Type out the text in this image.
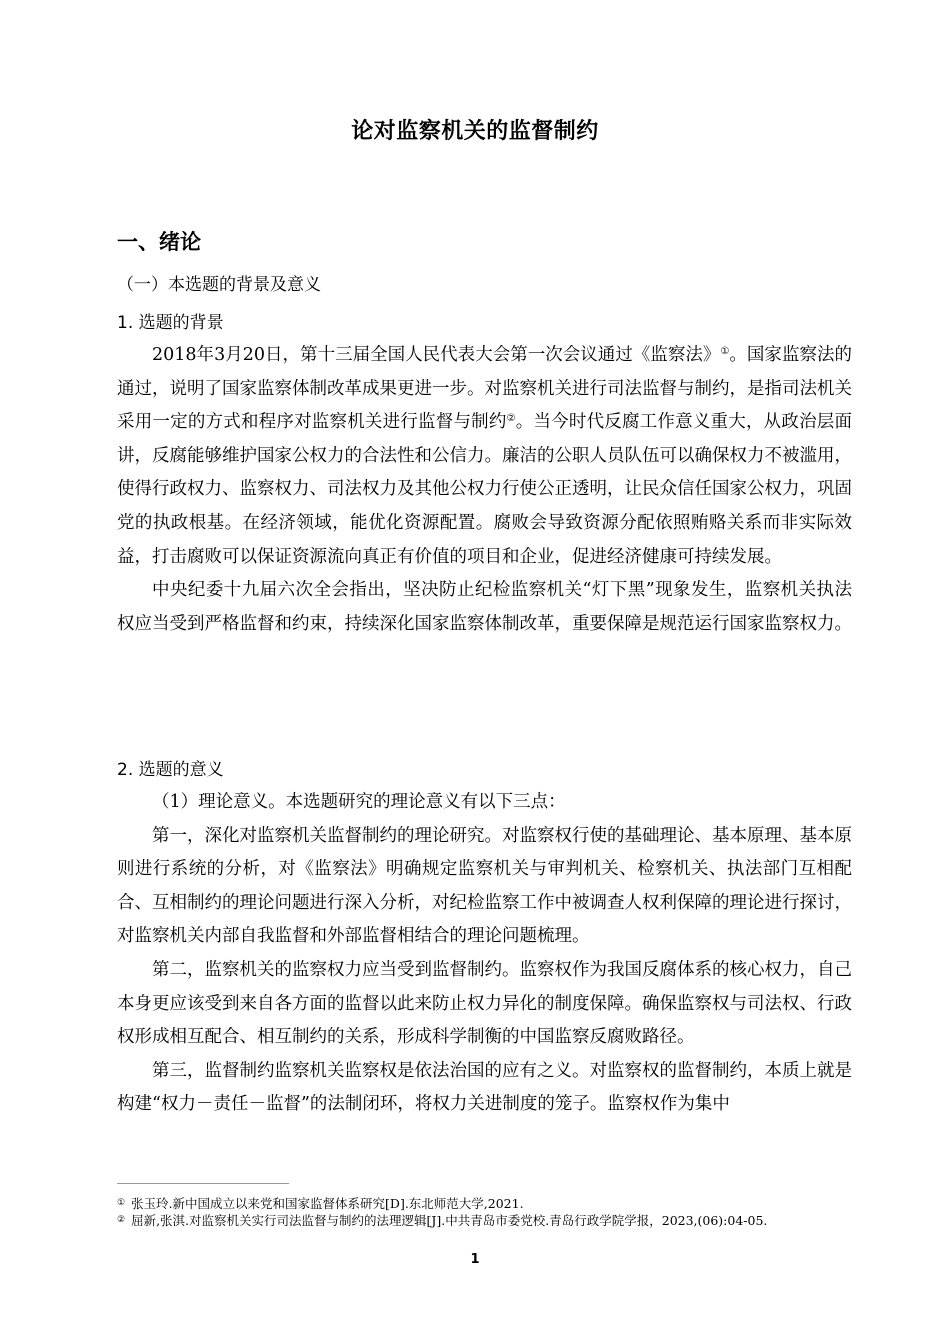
论对监察机关的监督制约
一、绪论
（一）本选题的背景及意义
1. 选题的背景

2018年3月20日，第十三届全国人民代表大会第一次会议通过《监察法》①。国家监察法的通过，说明了国家监察体制改革成果更进一步。对监察机关进行司法监督与制约，是指司法机关采用一定的方式和程序对监察机关进行监督与制约②。当今时代反腐工作意义重大，从政治层面讲，反腐能够维护国家公权力的合法性和公信力。廉洁的公职人员队伍可以确保权力不被滥用，使得行政权力、监察权力、司法权力及其他公权力行使公正透明，让民众信任国家公权力，巩固党的执政根基。在经济领域，能优化资源配置。腐败会导致资源分配依照贿赂关系而非实际效益，打击腐败可以保证资源流向真正有价值的项目和企业，促进经济健康可持续发展。

中央纪委十九届六次全会指出，坚决防止纪检监察机关“灯下黑”现象发生，监察机关执法权应当受到严格监督和约束，持续深化国家监察体制改革，重要保障是规范运行国家监察权力。

2. 选题的意义

（1）理论意义。本选题研究的理论意义有以下三点：

第一，深化对监察机关监督制约的理论研究。对监察权行使的基础理论、基本原理、基本原则进行系统的分析，对《监察法》明确规定监察机关与审判机关、检察机关、执法部门互相配合、互相制约的理论问题进行深入分析，对纪检监察工作中被调查人权利保障的理论进行探讨，对监察机关内部自我监督和外部监督相结合的理论问题梳理。

第二，监察机关的监察权力应当受到监督制约。监察权作为我国反腐体系的核心权力，自己本身更应该受到来自各方面的监督以此来防止权力异化的制度保障。确保监察权与司法权、行政权形成相互配合、相互制约的关系，形成科学制衡的中国监察反腐败路径。

第三，监督制约监察机关监察权是依法治国的应有之义。对监察权的监督制约，本质上就是构建“权力－责任－监督”的法制闭环，将权力关进制度的笼子。监察权作为集中

① 张玉玲.新中国成立以来党和国家监督体系研究[D].东北师范大学,2021.
② 屈新,张淇.对监察机关实行司法监督与制约的法理逻辑[J].中共青岛市委党校.青岛行政学院学报，2023,(06):04-05.
1
